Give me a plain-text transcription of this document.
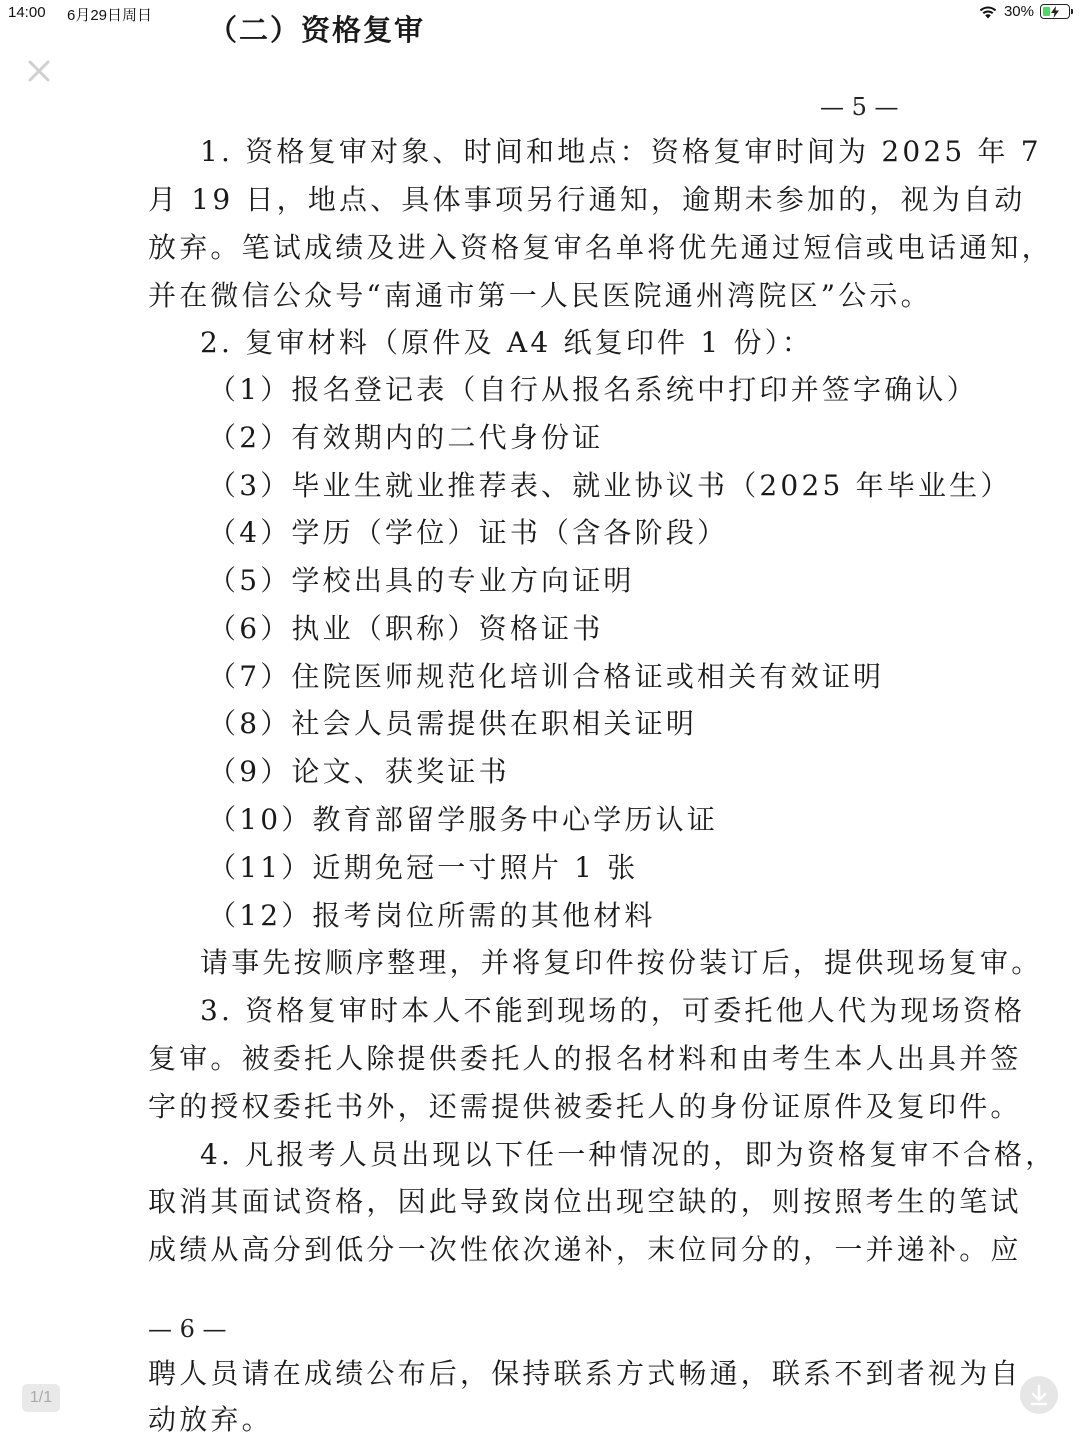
14:00 6月29日周日	30%
（二）资格复审
— 5 —
1. 资格复审对象、时间和地点：资格复审时间为 2025 年 7
月 19 日，地点、具体事项另行通知，逾期未参加的，视为自动
放弃。笔试成绩及进入资格复审名单将优先通过短信或电话通知，
并在微信公众号“南通市第一人民医院通州湾院区”公示。
2. 复审材料（原件及 A4 纸复印件 1 份）：
（1）报名登记表（自行从报名系统中打印并签字确认）
（2）有效期内的二代身份证
（3）毕业生就业推荐表、就业协议书（2025 年毕业生）
（4）学历（学位）证书（含各阶段）
（5）学校出具的专业方向证明
（6）执业（职称）资格证书
（7）住院医师规范化培训合格证或相关有效证明
（8）社会人员需提供在职相关证明
（9）论文、获奖证书
（10）教育部留学服务中心学历认证
（11）近期免冠一寸照片 1 张
（12）报考岗位所需的其他材料
请事先按顺序整理，并将复印件按份装订后，提供现场复审。
3. 资格复审时本人不能到现场的，可委托他人代为现场资格
复审。被委托人除提供委托人的报名材料和由考生本人出具并签
字的授权委托书外，还需提供被委托人的身份证原件及复印件。
4. 凡报考人员出现以下任一种情况的，即为资格复审不合格，
取消其面试资格，因此导致岗位出现空缺的，则按照考生的笔试
成绩从高分到低分一次性依次递补，末位同分的，一并递补。应
— 6 —
聘人员请在成绩公布后，保持联系方式畅通，联系不到者视为自
动放弃。
1/1
